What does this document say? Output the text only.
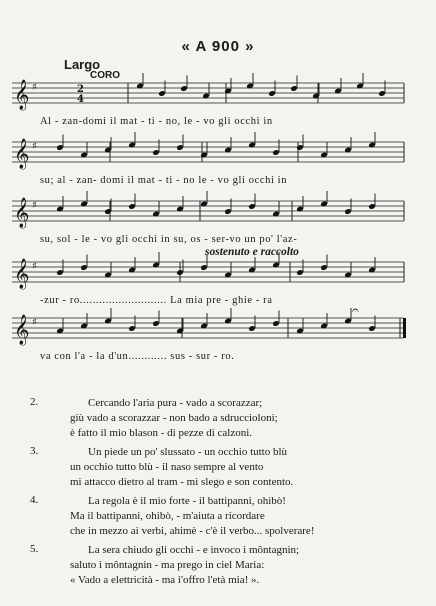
« A 900 »
Largo
CORO
sostenuto e raccolto
𝄞 ♯
𝄞 ♯
𝄞 ♯
𝄞 ♯
𝄞 ♯
2
4
𝄐
Al - zan-domi il mat - ti - no, le - vo gli occhi in
su; al - zan- domi il mat - ti - no le - vo gli occhi in
su, sol - le - vo gli occhi in su, os - ser-vo un po' l'az-
-zur - ro........................... La mia pre - ghie - ra
va con l'a - la d'un............ sus - sur - ro.
2.	Cercando l'aria pura - vado a scorazzar;
giù vado a scorazzar - non bado a sdruccioloni;
è fatto il mio blason - di pezze di calzoni.
3.	Un piede un po' slussato - un occhio tutto blù
un occhio tutto blù - il naso sempre al vento
mi attacco dietro al tram - mi slego e son contento.
4.	La regola è il mio forte - il battipanni, ohibò!
Ma il battipanni, ohibò, - m'aiuta a ricordare
che in mezzo ai verbi, ahimè - c'è il verbo... spolverare!
5.	La sera chiudo gli occhi - e invoco i môntagnin;
saluto i môntagnin - ma prego in ciel Maria:
« Vado a elettricità - ma i'offro l'età mia! ».
